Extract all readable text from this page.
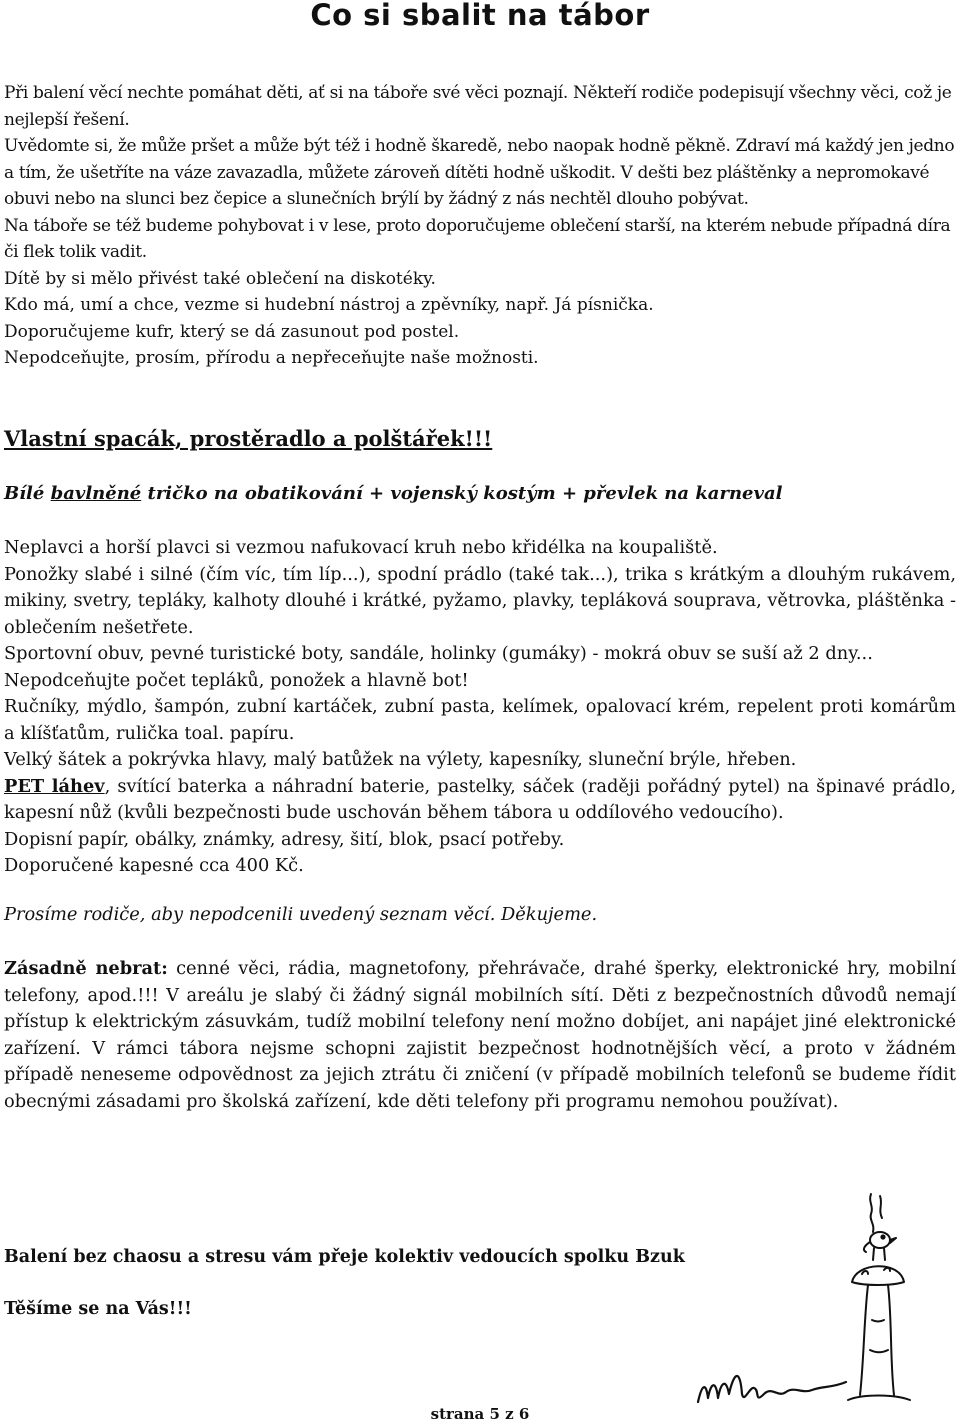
Co si sbalit na tábor

Při balení věcí nechte pomáhat děti, ať si na táboře své věci poznají. Někteří rodiče podepisují všechny věci, což je nejlepší řešení.

Uvědomte si, že může pršet a může být též i hodně škaredě, nebo naopak hodně pěkně. Zdraví má každý jen jedno a tím, že ušetříte na váze zavazadla, můžete zároveň dítěti hodně uškodit. V dešti bez pláštěnky a nepromokavé obuvi nebo na slunci bez čepice a slunečních brýlí by žádný z nás nechtěl dlouho pobývat.

Na táboře se též budeme pohybovat i v lese, proto doporučujeme oblečení starší, na kterém nebude případná díra či flek tolik vadit.

Dítě by si mělo přivést také oblečení na diskotéky.

Kdo má, umí a chce, vezme si hudební nástroj a zpěvníky, např. Já písnička.

Doporučujeme kufr, který se dá zasunout pod postel.

Nepodceňujte, prosím, přírodu a nepřeceňujte naše možnosti.

Vlastní spacák, prostěradlo a polštářek!!!
Bílé bavlněné tričko na obatikování + vojenský kostým + převlek na karneval

Neplavci a horší plavci si vezmou nafukovací kruh nebo křidélka na koupaliště.

Ponožky slabé i silné (čím víc, tím líp...), spodní prádlo (také tak...), trika s krátkým a dlouhým rukávem, mikiny, svetry, tepláky, kalhoty dlouhé i krátké, pyžamo, plavky, tepláková souprava, větrovka, pláštěnka - oblečením nešetřete.

Sportovní obuv, pevné turistické boty, sandále, holinky (gumáky) - mokrá obuv se suší až 2 dny...

Nepodceňujte počet tepláků, ponožek a hlavně bot!

Ručníky, mýdlo, šampón, zubní kartáček, zubní pasta, kelímek, opalovací krém, repelent proti komárům a klíšťatům, rulička toal. papíru.

Velký šátek a pokrývka hlavy, malý batůžek na výlety, kapesníky, sluneční brýle, hřeben.

PET láhev, svítící baterka a náhradní baterie, pastelky, sáček (raději pořádný pytel) na špinavé prádlo, kapesní nůž (kvůli bezpečnosti bude uschován během tábora u oddílového vedoucího).

Dopisní papír, obálky, známky, adresy, šití, blok, psací potřeby.

Doporučené kapesné cca 400 Kč.

Prosíme rodiče, aby nepodcenili uvedený seznam věcí. Děkujeme.
Zásadně nebrat: cenné věci, rádia, magnetofony, přehrávače, drahé šperky, elektronické hry, mobilní telefony, apod.!!! V areálu je slabý či žádný signál mobilních sítí. Děti z bezpečnostních důvodů nemají přístup k elektrickým zásuvkám, tudíž mobilní telefony není možno dobíjet, ani napájet jiné elektronické zařízení. V rámci tábora nejsme schopni zajistit bezpečnost hodnotnějších věcí, a proto v žádném případě neneseme odpovědnost za jejich ztrátu či zničení (v případě mobilních telefonů se budeme řídit obecnými zásadami pro školská zařízení, kde děti telefony při programu nemohou používat).
Balení bez chaosu a stresu vám přeje kolektiv vedoucích spolku Bzuk
Těšíme se na Vás!!!
strana 5 z 6
